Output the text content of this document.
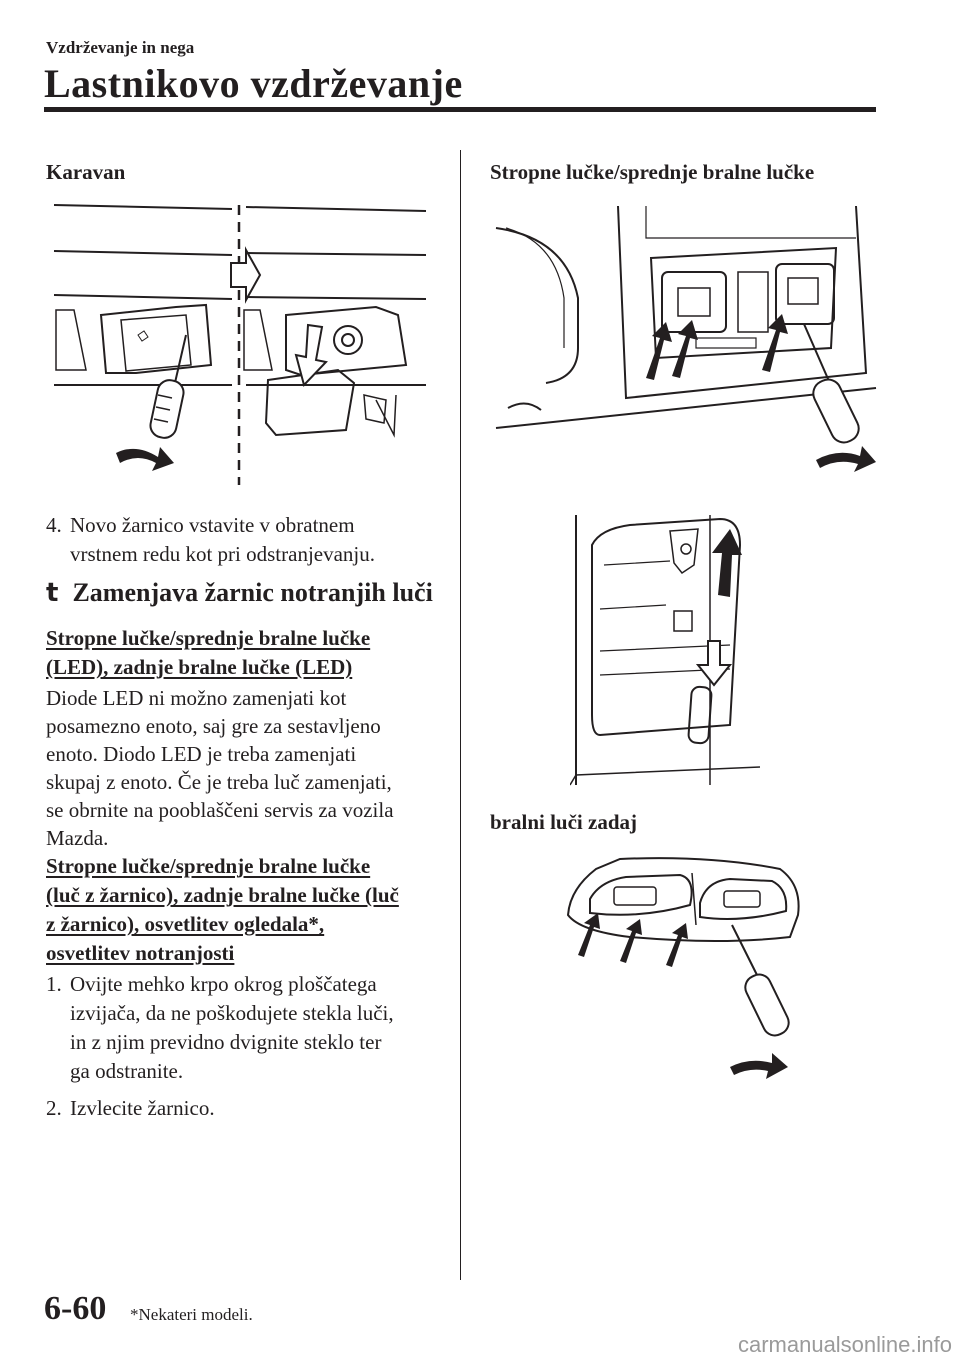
Vzdrževanje in nega
Lastnikovo vzdrževanje
Karavan
4. Novo žarnico vstavite v obratnem
vrstnem redu kot pri odstranjevanju.
t Zamenjava žarnic notranjih luči
Stropne lučke/sprednje bralne lučke
(LED), zadnje bralne lučke (LED)
Diode LED ni možno zamenjati kot
posamezno enoto, saj gre za sestavljeno
enoto. Diodo LED je treba zamenjati
skupaj z enoto. Če je treba luč zamenjati,
se obrnite na pooblaščeni servis za vozila
Mazda.
Stropne lučke/sprednje bralne lučke
(luč z žarnico), zadnje bralne lučke (luč
z žarnico), osvetlitev ogledala*,
osvetlitev notranjosti
1. Ovijte mehko krpo okrog ploščatega
izvijača, da ne poškodujete stekla luči,
in z njim previdno dvignite steklo ter
ga odstranite.
2. Izvlecite žarnico.
Stropne lučke/sprednje bralne lučke
bralni luči zadaj
6-60 *Nekateri modeli.
carmanualsonline.info
